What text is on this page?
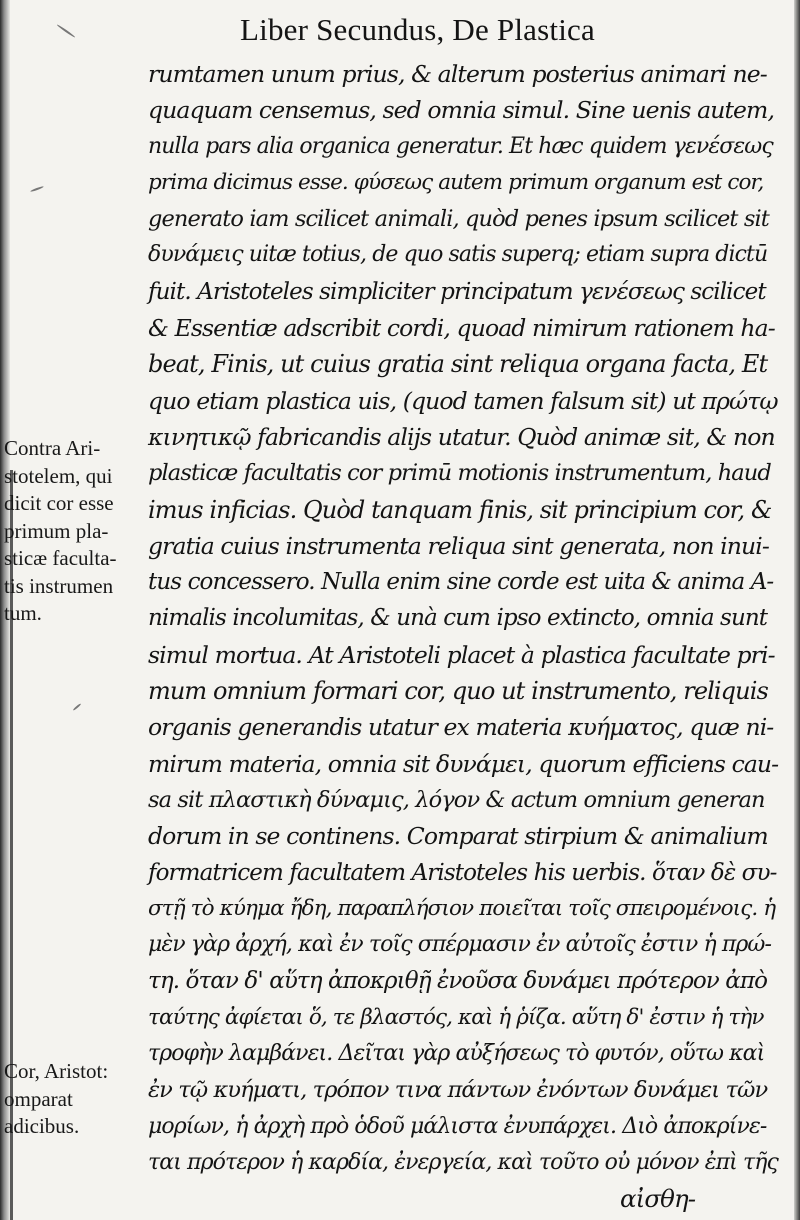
Liber Secundus, De Plastica
rumtamen unum prius, & alterum posterius animari ne-
quaquam censemus, sed omnia simul. Sine uenis autem,
nulla pars alia organica generatur. Et hæc quidem γενέσεως
prima dicimus esse. φύσεως autem primum organum est cor,
generato iam scilicet animali, quòd penes ipsum scilicet sit
δυνάμεις uitæ totius, de quo satis superq; etiam supra dictū
fuit. Aristoteles simpliciter principatum γενέσεως scilicet
& Essentiæ adscribit cordi, quoad nimirum rationem ha-
beat, Finis, ut cuius gratia sint reliqua organa facta, Et
quo etiam plastica uis, (quod tamen falsum sit) ut πρώτῳ
κινητικῷ fabricandis alijs utatur. Quòd animæ sit, & non
plasticæ facultatis cor primū motionis instrumentum, haud
imus inficias. Quòd tanquam finis, sit principium cor, &
gratia cuius instrumenta reliqua sint generata, non inui-
tus concessero. Nulla enim sine corde est uita & anima A-
nimalis incolumitas, & unà cum ipso extincto, omnia sunt
simul mortua. At Aristoteli placet à plastica facultate pri-
mum omnium formari cor, quo ut instrumento, reliquis
organis generandis utatur ex materia κυήματος, quæ ni-
mirum materia, omnia sit δυνάμει, quorum efficiens cau-
sa sit πλαστικὴ δύναμις, λόγον & actum omnium generan
dorum in se continens. Comparat stirpium & animalium
formatricem facultatem Aristoteles his uerbis. ὅταν δὲ συ-
στῇ τὸ κύημα ἤδη, παραπλήσιον ποιεῖται τοῖς σπειρομένοις. ἡ
μὲν γὰρ ἀρχή, καὶ ἐν τοῖς σπέρμασιν ἐν αὐτοῖς ἐστιν ἡ πρώ-
τη. ὅταν δ' αὕτη ἀποκριθῇ ἐνοῦσα δυνάμει πρότερον ἀπὸ
ταύτης ἀφίεται ὅ, τε βλαστός, καὶ ἡ ῥίζα. αὕτη δ' ἐστιν ἡ τὴν
τροφὴν λαμβάνει. Δεῖται γὰρ αὐξήσεως τὸ φυτόν, οὕτω καὶ
ἐν τῷ κυήματι, τρόπον τινα πάντων ἐνόντων δυνάμει τῶν
μορίων, ἡ ἀρχὴ πρὸ ὁδοῦ μάλιστα ἐνυπάρχει. Διὸ ἀποκρίνε-
ται πρότερον ἡ καρδία, ἐνεργεία, καὶ τοῦτο οὐ μόνον ἐπὶ τῆς
αἰσθη-
Contra Ari-
stotelem, qui
dicit cor esse
primum pla-
sticæ faculta-
tis instrumen
tum.
Cor, Aristot:
omparat
adicibus.
